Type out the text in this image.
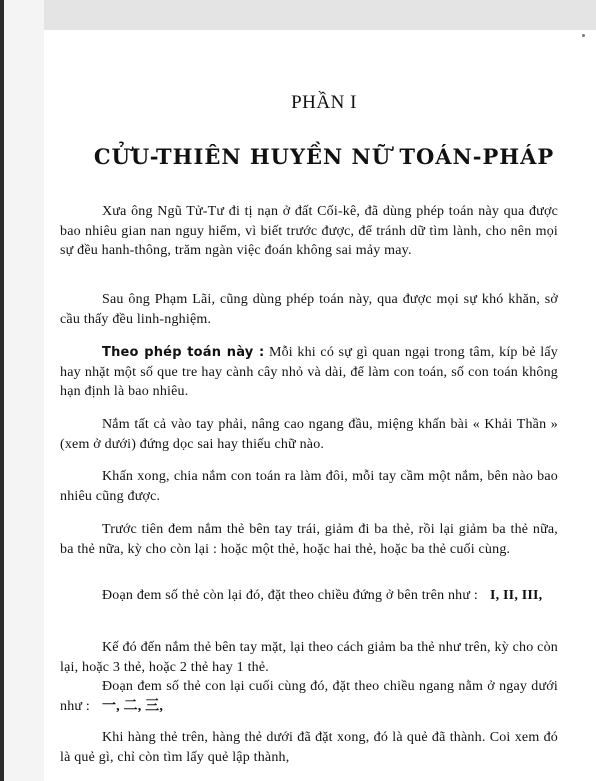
PHẦN I
CỬU-THIÊN HUYỀN NỮ TOÁN-PHÁP
Xưa ông Ngũ Tử-Tư đi tị nạn ở đất Cối-kê, đã dùng phép toán này qua được bao nhiêu gian nan nguy hiểm, vì biết trước được, để tránh dữ tìm lành, cho nên mọi sự đều hanh-thông, trăm ngàn việc đoán không sai mảy may.
Sau ông Phạm Lãi, cũng dùng phép toán này, qua được mọi sự khó khăn, sở cầu thấy đều linh-nghiệm.
Theo phép toán này : Mỗi khi có sự gì quan ngại trong tâm, kíp bẻ lấy hay nhặt một số que tre hay cành cây nhỏ và dài, để làm con toán, số con toán không hạn định là bao nhiêu.
Nắm tất cả vào tay phải, nâng cao ngang đầu, miệng khấn bài « Khải Thần » (xem ở dưới) đứng dọc sai hay thiếu chữ nào.
Khấn xong, chia nắm con toán ra làm đôi, mỗi tay cầm một nắm, bên nào bao nhiêu cũng được.
Trước tiên đem nắm thẻ bên tay trái, giảm đi ba thẻ, rồi lại giảm ba thẻ nữa, ba thẻ nữa, kỳ cho còn lại : hoặc một thẻ, hoặc hai thẻ, hoặc ba thẻ cuối cùng.
Đoạn đem số thẻ còn lại đó, đặt theo chiều đứng ở bên trên như : I, II, III,
Kế đó đến nắm thẻ bên tay mặt, lại theo cách giảm ba thẻ như trên, kỳ cho còn lại, hoặc 3 thẻ, hoặc 2 thẻ hay 1 thẻ.
Đoạn đem số thẻ con lại cuối cùng đó, đặt theo chiều ngang nằm ở ngay dưới như : 一, 二, 三,
Khi hàng thẻ trên, hàng thẻ dưới đã đặt xong, đó là quẻ đã thành. Coi xem đó là quẻ gì, chỉ còn tìm lấy quẻ lập thành,
